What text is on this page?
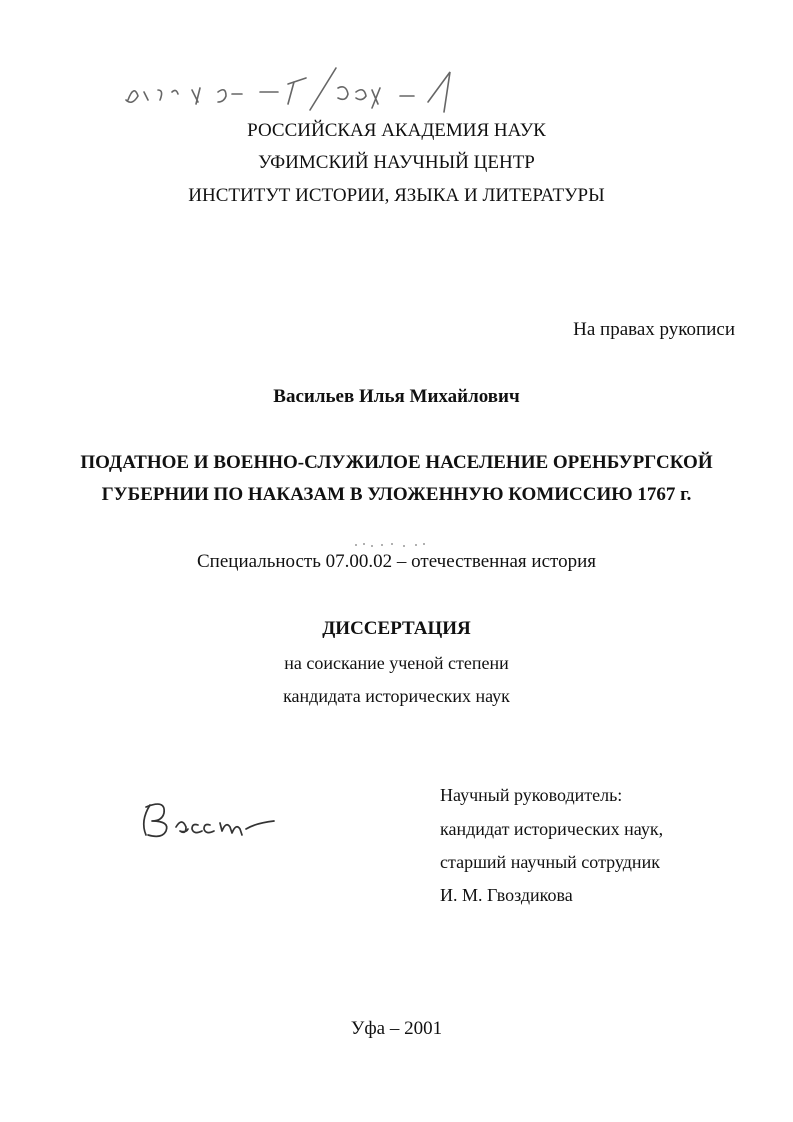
РОССИЙСКАЯ АКАДЕМИЯ НАУК
УФИМСКИЙ НАУЧНЫЙ ЦЕНТР
ИНСТИТУТ ИСТОРИИ, ЯЗЫКА И ЛИТЕРАТУРЫ
На правах рукописи
Васильев Илья Михайлович
ПОДАТНОЕ И ВОЕННО-СЛУЖИЛОЕ НАСЕЛЕНИЕ ОРЕНБУРГСКОЙ
ГУБЕРНИИ ПО НАКАЗАМ В УЛОЖЕННУЮ КОМИССИЮ 1767 г.
Специальность 07.00.02 – отечественная история
ДИССЕРТАЦИЯ
на соискание ученой степени
кандидата исторических наук
Научный руководитель:
кандидат исторических наук,
старший научный сотрудник
И. М. Гвоздикова
Уфа – 2001
